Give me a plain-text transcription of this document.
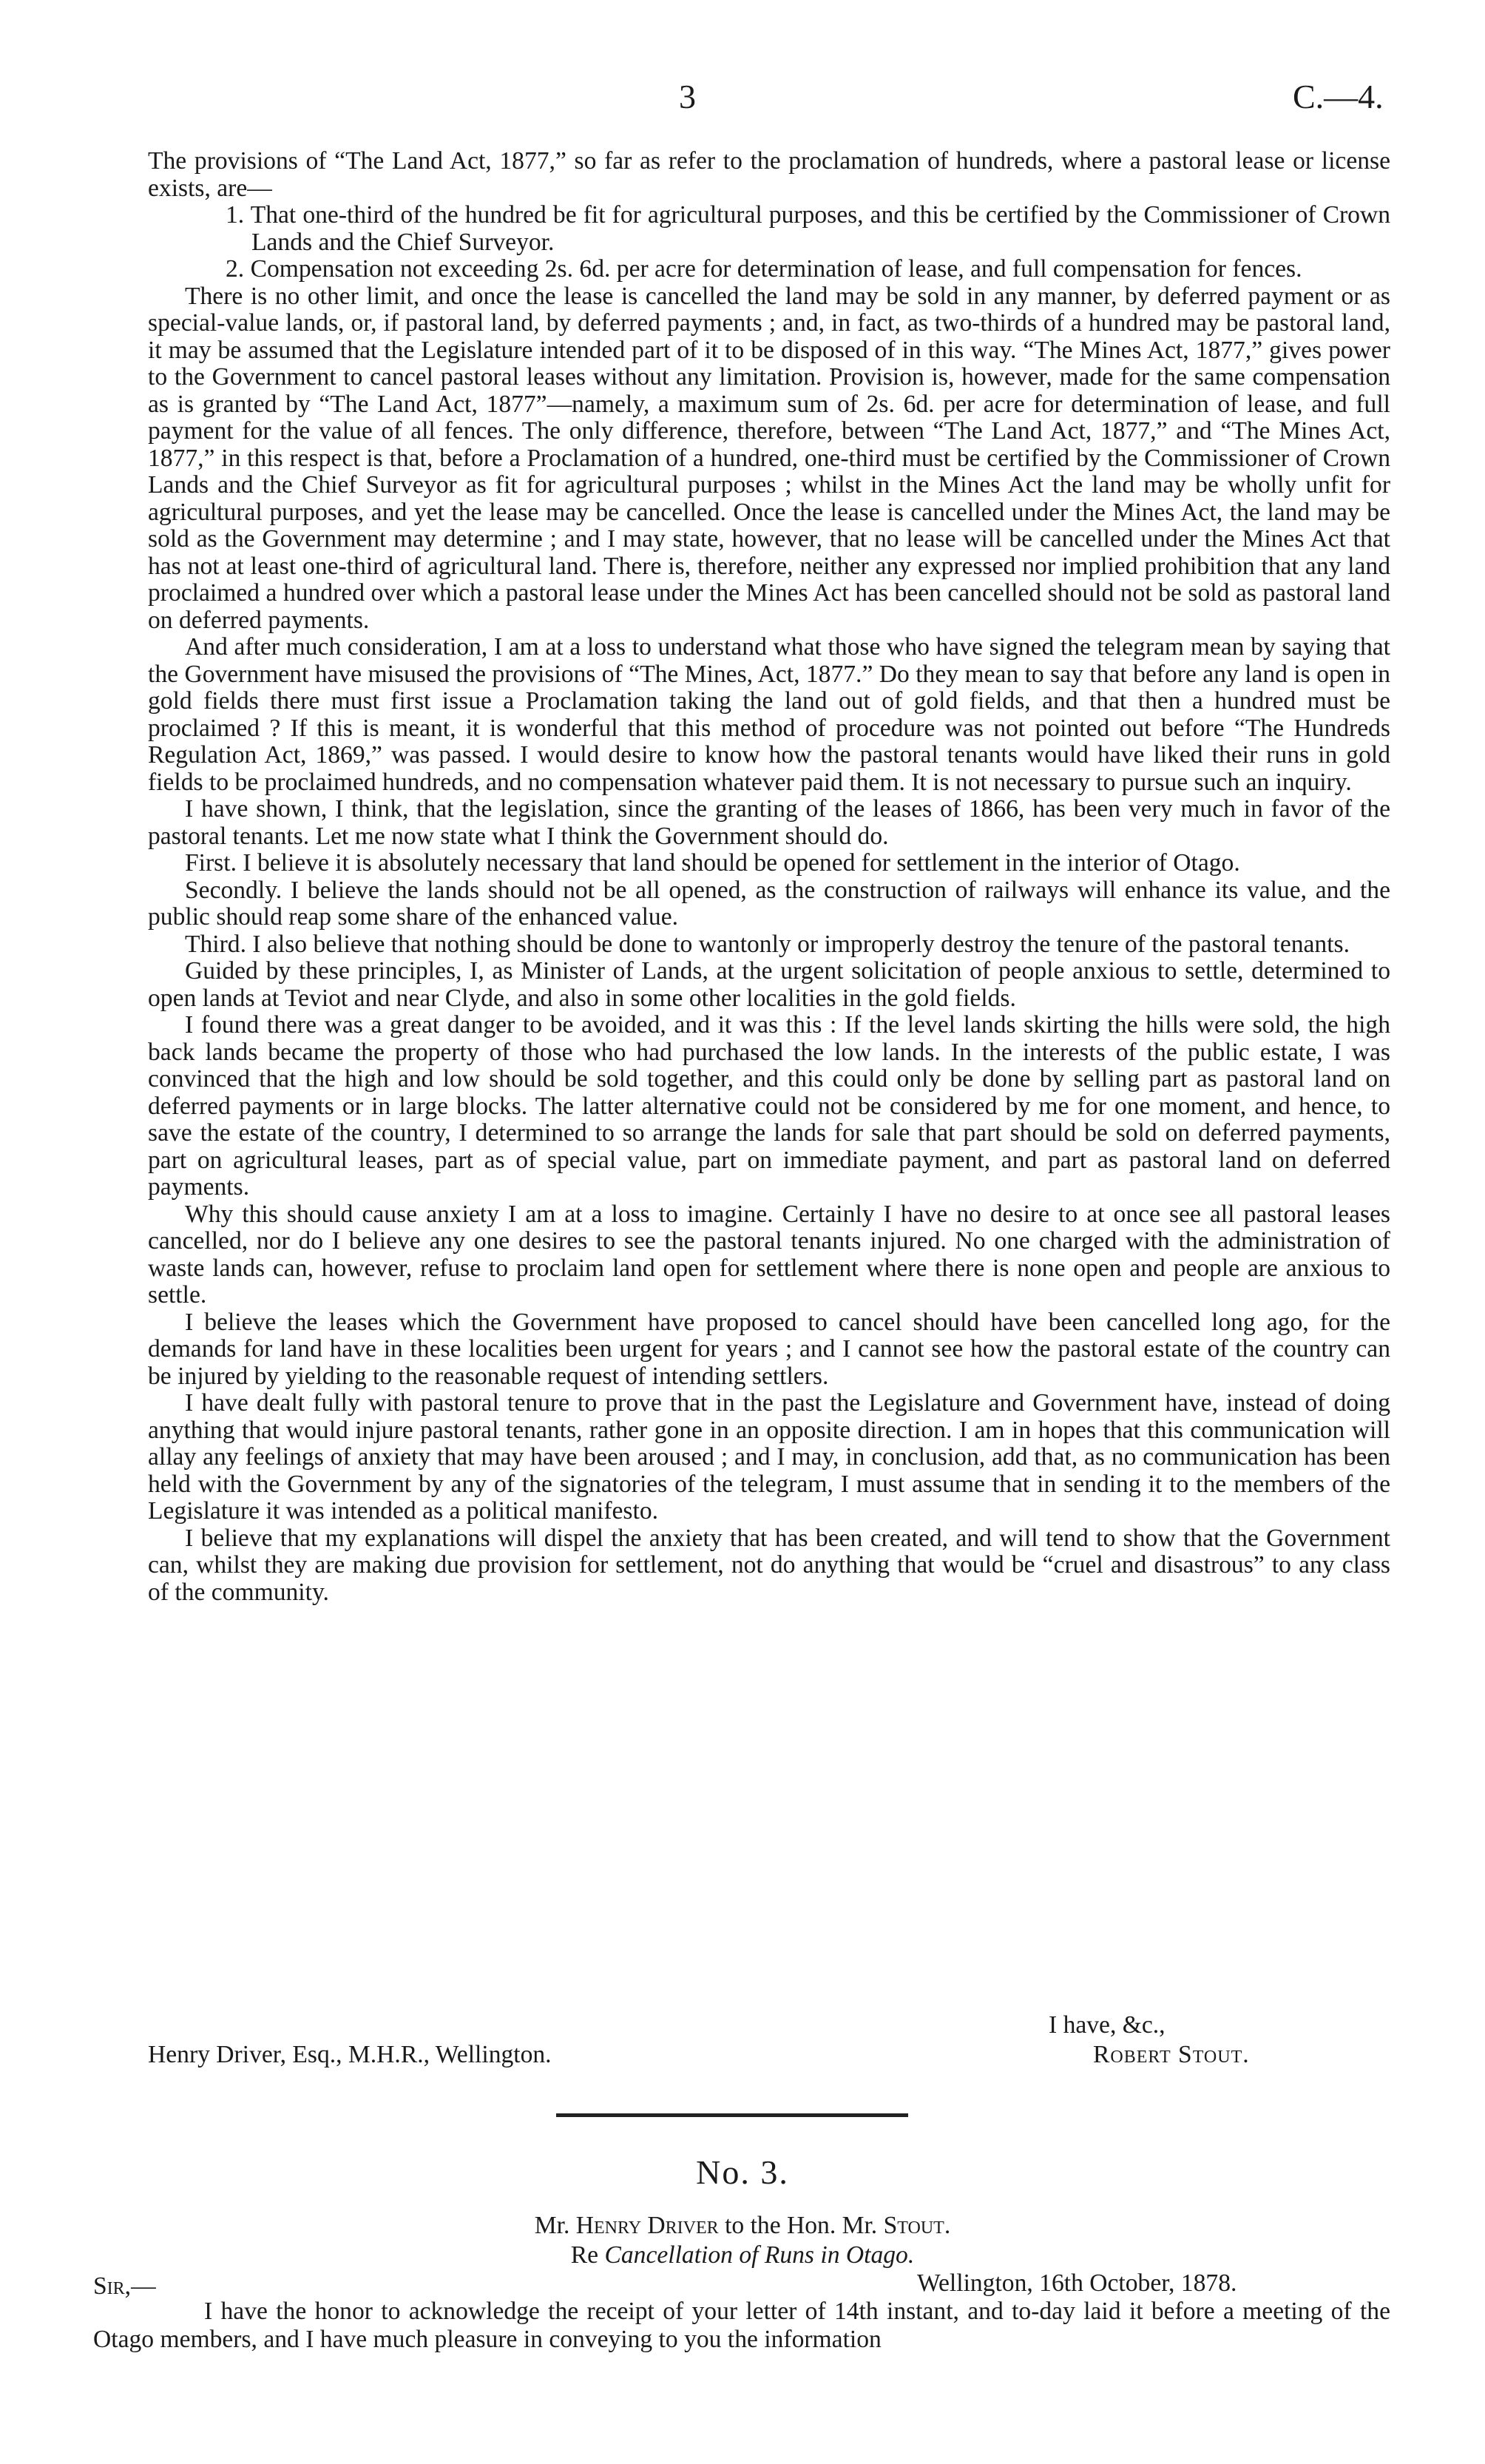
3	C.—4.

The provisions of “The Land Act, 1877,” so far as refer to the proclamation of hundreds, where a pastoral lease or license exists, are—

1. That one-third of the hundred be fit for agricultural purposes, and this be certified by the Commissioner of Crown Lands and the Chief Surveyor.

2. Compensation not exceeding 2s. 6d. per acre for determination of lease, and full compensation for fences.

There is no other limit, and once the lease is cancelled the land may be sold in any manner, by deferred payment or as special-value lands, or, if pastoral land, by deferred payments ; and, in fact, as two-thirds of a hundred may be pastoral land, it may be assumed that the Legislature intended part of it to be disposed of in this way. “The Mines Act, 1877,” gives power to the Government to cancel pastoral leases without any limitation. Provision is, however, made for the same compensation as is granted by “The Land Act, 1877”—namely, a maximum sum of 2s. 6d. per acre for determination of lease, and full payment for the value of all fences. The only difference, therefore, between “The Land Act, 1877,” and “The Mines Act, 1877,” in this respect is that, before a Proclamation of a hundred, one-third must be certified by the Commissioner of Crown Lands and the Chief Surveyor as fit for agricultural purposes ; whilst in the Mines Act the land may be wholly unfit for agricultural purposes, and yet the lease may be cancelled. Once the lease is cancelled under the Mines Act, the land may be sold as the Government may determine ; and I may state, however, that no lease will be cancelled under the Mines Act that has not at least one-third of agricultural land. There is, therefore, neither any expressed nor implied prohibition that any land proclaimed a hundred over which a pastoral lease under the Mines Act has been cancelled should not be sold as pastoral land on deferred payments.

And after much consideration, I am at a loss to understand what those who have signed the telegram mean by saying that the Government have misused the provisions of “The Mines, Act, 1877.” Do they mean to say that before any land is open in gold fields there must first issue a Proclamation taking the land out of gold fields, and that then a hundred must be proclaimed ? If this is meant, it is wonderful that this method of procedure was not pointed out before “The Hundreds Regulation Act, 1869,” was passed. I would desire to know how the pastoral tenants would have liked their runs in gold fields to be proclaimed hundreds, and no compensation whatever paid them. It is not necessary to pursue such an inquiry.

I have shown, I think, that the legislation, since the granting of the leases of 1866, has been very much in favor of the pastoral tenants. Let me now state what I think the Government should do.

First. I believe it is absolutely necessary that land should be opened for settlement in the interior of Otago.

Secondly. I believe the lands should not be all opened, as the construction of railways will enhance its value, and the public should reap some share of the enhanced value.

Third. I also believe that nothing should be done to wantonly or improperly destroy the tenure of the pastoral tenants.

Guided by these principles, I, as Minister of Lands, at the urgent solicitation of people anxious to settle, determined to open lands at Teviot and near Clyde, and also in some other localities in the gold fields.

I found there was a great danger to be avoided, and it was this : If the level lands skirting the hills were sold, the high back lands became the property of those who had purchased the low lands. In the interests of the public estate, I was convinced that the high and low should be sold together, and this could only be done by selling part as pastoral land on deferred payments or in large blocks. The latter alternative could not be considered by me for one moment, and hence, to save the estate of the country, I determined to so arrange the lands for sale that part should be sold on deferred payments, part on agricultural leases, part as of special value, part on immediate payment, and part as pastoral land on deferred payments.

Why this should cause anxiety I am at a loss to imagine. Certainly I have no desire to at once see all pastoral leases cancelled, nor do I believe any one desires to see the pastoral tenants injured. No one charged with the administration of waste lands can, however, refuse to proclaim land open for settlement where there is none open and people are anxious to settle.

I believe the leases which the Government have proposed to cancel should have been cancelled long ago, for the demands for land have in these localities been urgent for years ; and I cannot see how the pastoral estate of the country can be injured by yielding to the reasonable request of intending settlers.

I have dealt fully with pastoral tenure to prove that in the past the Legislature and Government have, instead of doing anything that would injure pastoral tenants, rather gone in an opposite direction. I am in hopes that this communication will allay any feelings of anxiety that may have been aroused ; and I may, in conclusion, add that, as no communication has been held with the Government by any of the signatories of the telegram, I must assume that in sending it to the members of the Legislature it was intended as a political manifesto.

I believe that my explanations will dispel the anxiety that has been created, and will tend to show that the Government can, whilst they are making due provision for settlement, not do anything that would be “cruel and disastrous” to any class of the community.

I have, &c.,
Henry Driver, Esq., M.H.R., Wellington.	Robert Stout.
No. 3.
Mr. Henry Driver to the Hon. Mr. Stout.
Re Cancellation of Runs in Otago.
Sir,—	Wellington, 16th October, 1878.

I have the honor to acknowledge the receipt of your letter of 14th instant, and to-day laid it before a meeting of the Otago members, and I have much pleasure in conveying to you the information
